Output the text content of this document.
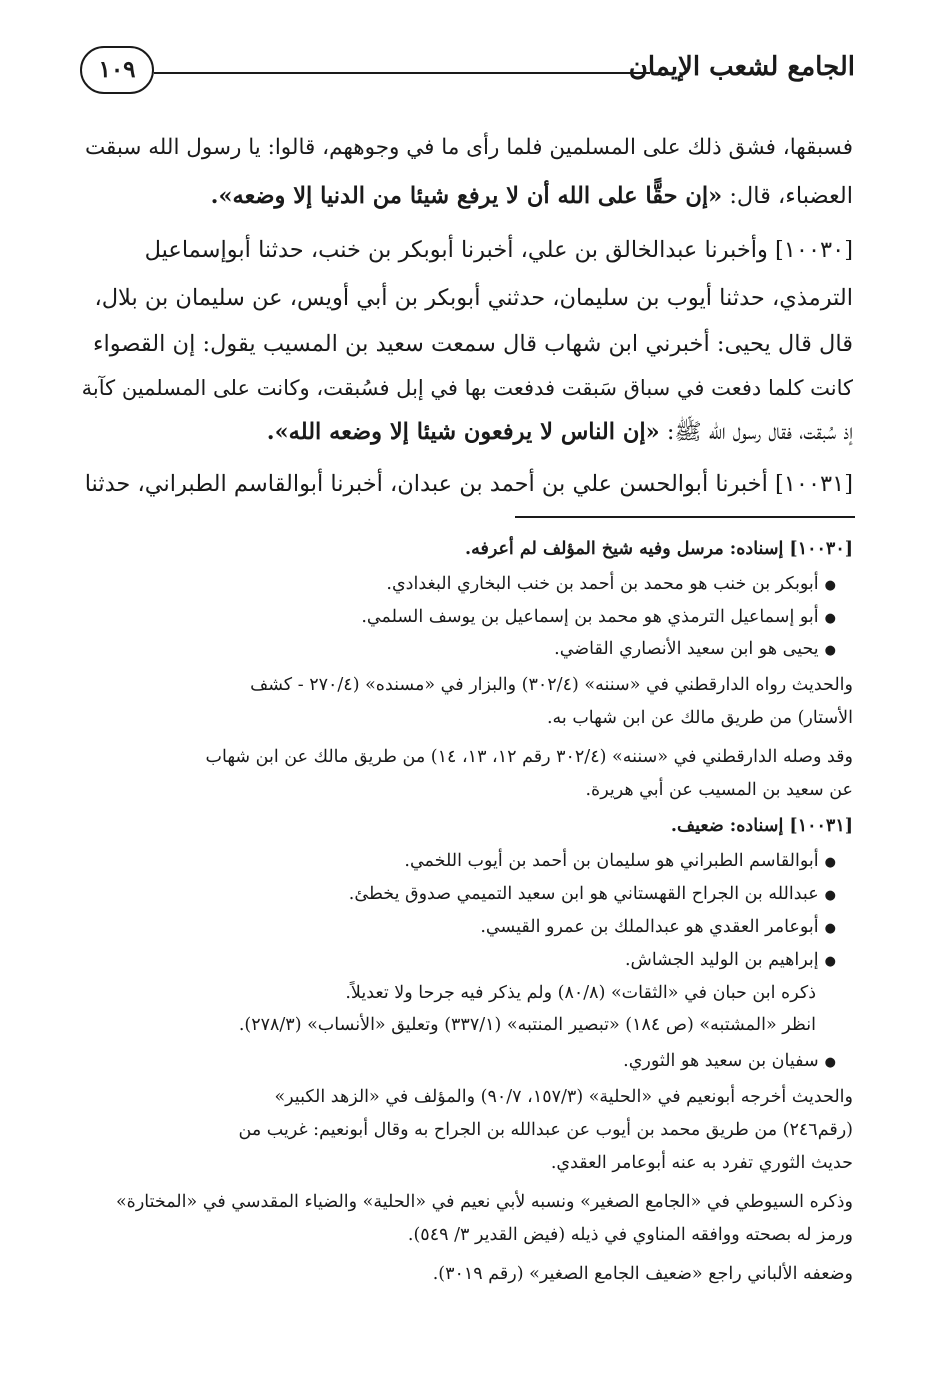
١٠٩	الجامع لشعب الإيمان
فسبقها، فشق ذلك على المسلمين فلما رأى ما في وجوههم، قالوا: يا رسول الله سبقت
العضباء، قال: «إن حقًّا على الله أن لا يرفع شيئا من الدنيا إلا وضعه».
[١٠٠٣٠] وأخبرنا عبدالخالق بن علي، أخبرنا أبوبكر بن خنب، حدثنا أبوإسماعيل
الترمذي، حدثنا أيوب بن سليمان، حدثني أبوبكر بن أبي أويس، عن سليمان بن بلال،
قال قال يحيى: أخبرني ابن شهاب قال سمعت سعيد بن المسيب يقول: إن القصواء
كانت كلما دفعت في سباق سَبقت فدفعت بها في إبل فسُبقت، وكانت على المسلمين كآبة
إذ سُبقت، فقال رسول الله ﷺ: «إن الناس لا يرفعون شيئا إلا وضعه الله».
[١٠٠٣١] أخبرنا أبوالحسن علي بن أحمد بن عبدان، أخبرنا أبوالقاسم الطبراني، حدثنا
[١٠٠٣٠] إسناده: مرسل وفيه شيخ المؤلف لم أعرفه.
●أبوبكر بن خنب هو محمد بن أحمد بن خنب البخاري البغدادي.
●أبو إسماعيل الترمذي هو محمد بن إسماعيل بن يوسف السلمي.
●يحيى هو ابن سعيد الأنصاري القاضي.
والحديث رواه الدارقطني في «سننه» (٣٠٢/٤) والبزار في «مسنده» (٢٧٠/٤ - كشف
الأستار) من طريق مالك عن ابن شهاب به.
وقد وصله الدارقطني في «سننه» (٣٠٢/٤ رقم ١٢، ١٣، ١٤) من طريق مالك عن ابن شهاب
عن سعيد بن المسيب عن أبي هريرة.
[١٠٠٣١] إسناده: ضعيف.
●أبوالقاسم الطبراني هو سليمان بن أحمد بن أيوب اللخمي.
●عبدالله بن الجراح القهستاني هو ابن سعيد التميمي صدوق يخطئ.
●أبوعامر العقدي هو عبدالملك بن عمرو القيسي.
●إبراهيم بن الوليد الجشاش.
ذكره ابن حبان في «الثقات» (٨٠/٨) ولم يذكر فيه جرحا ولا تعديلاً.
انظر «المشتبه» (ص ١٨٤) «تبصير المنتبه» (٣٣٧/١) وتعليق «الأنساب» (٢٧٨/٣).
●سفيان بن سعيد هو الثوري.
والحديث أخرجه أبونعيم في «الحلية» (١٥٧/٣، ٩٠/٧) والمؤلف في «الزهد الكبير»
(رقم٢٤٦) من طريق محمد بن أيوب عن عبدالله بن الجراح به وقال أبونعيم: غريب من
حديث الثوري تفرد به عنه أبوعامر العقدي.
وذكره السيوطي في «الجامع الصغير» ونسبه لأبي نعيم في «الحلية» والضياء المقدسي في «المختارة»
ورمز له بصحته ووافقه المناوي في ذيله (فيض القدير ٣/ ٥٤٩).
وضعفه الألباني راجع «ضعيف الجامع الصغير» (رقم ٣٠١٩).
